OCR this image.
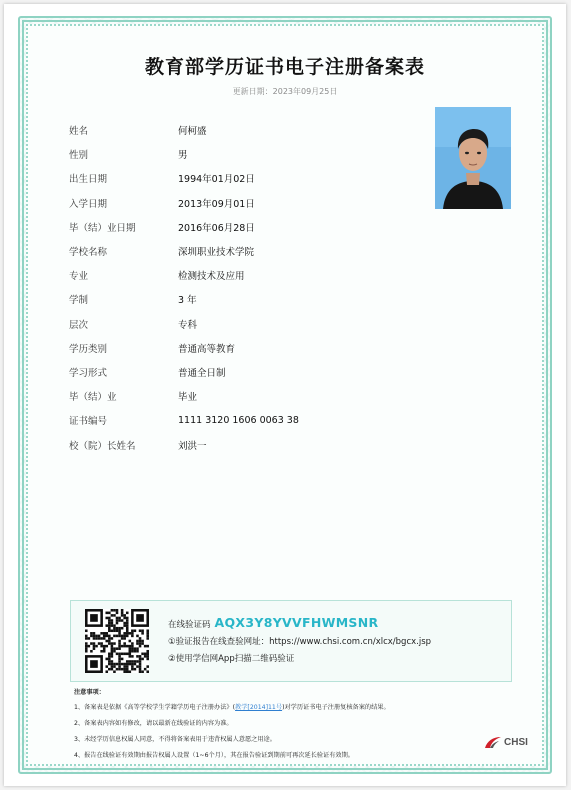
教育部学历证书电子注册备案表
更新日期：2023年09月25日
姓名	何柯盛
性别	男
出生日期	1994年01月02日
入学日期	2013年09月01日
毕（结）业日期	2016年06月28日
学校名称	深圳职业技术学院
专业	检测技术及应用
学制	3 年
层次	专科
学历类别	普通高等教育
学习形式	普通全日制
毕（结）业	毕业
证书编号	1111 3120 1606 0063 38
校（院）长姓名	刘洪一
在线验证码 AQX3Y8YVVFHWMSNR
①验证报告在线查验网址：https://www.chsi.com.cn/xlcx/bgcx.jsp
②使用学信网App扫描二维码验证
注意事项：
1、备案表是依据《高等学校学生学籍学历电子注册办法》(教学[2014]11号)对学历证书电子注册复核备案的结果。
2、备案表内容如有修改，请以最新在线验证的内容为准。
3、未经学历信息权属人同意，不得将备案表用于违背权属人意愿之用途。
4、报告在线验证有效期由报告权属人设置（1~6个月），其在报告验证到期前可再次延长验证有效期。
CHSI
